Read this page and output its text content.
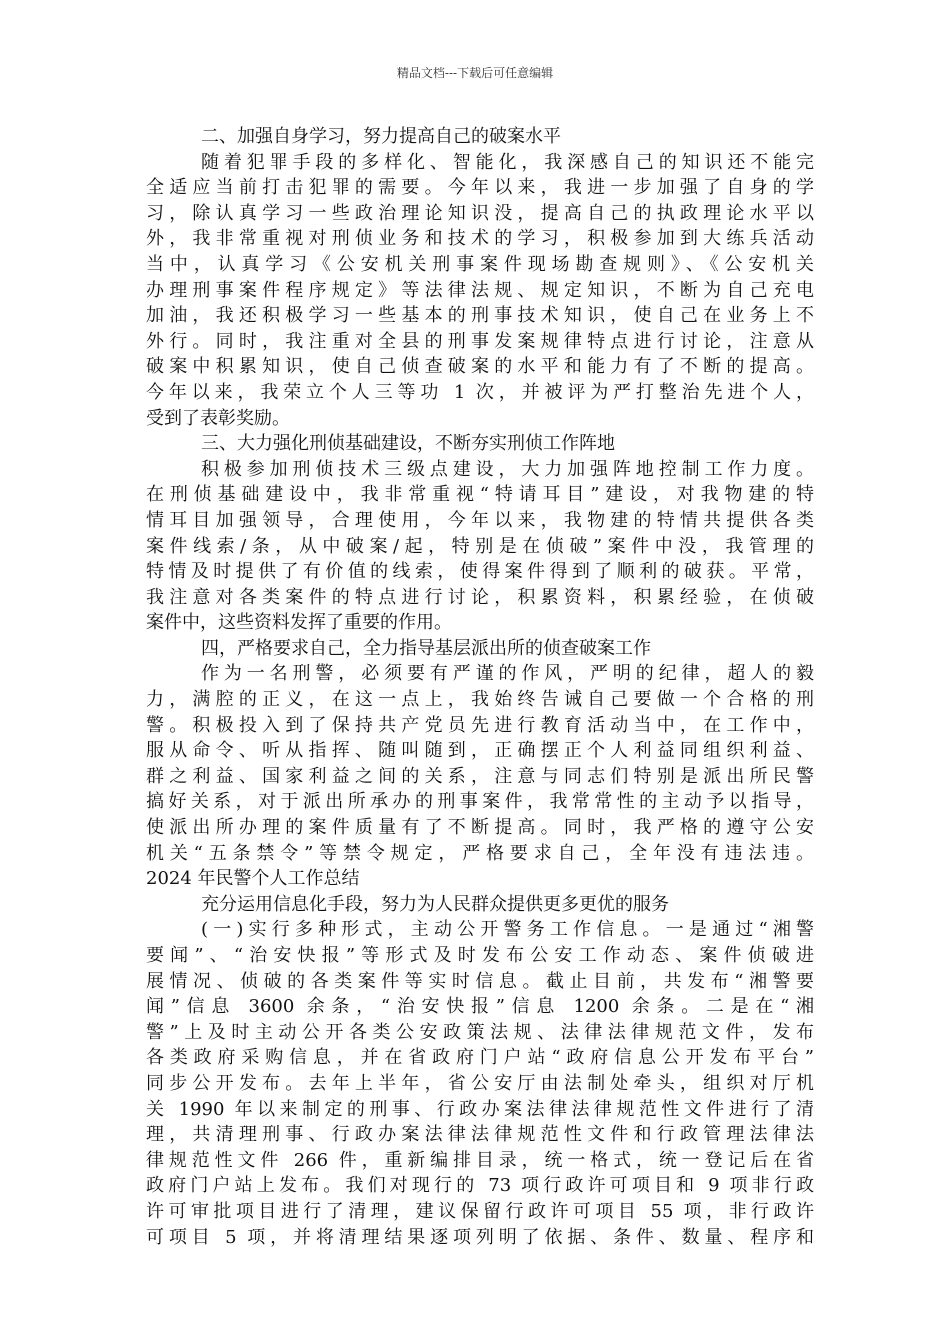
精品文档---下载后可任意编辑
二、加强自身学习，努力提高自己的破案水平
随着犯罪手段的多样化、智能化，我深感自己的知识还不能完
全适应当前打击犯罪的需要。今年以来，我进一步加强了自身的学
习，除认真学习一些政治理论知识没，提高自己的执政理论水平以
外，我非常重视对刑侦业务和技术的学习，积极参加到大练兵活动
当中，认真学习《公安机关刑事案件现场勘查规则》、《公安机关
办理刑事案件程序规定》等法律法规、规定知识，不断为自己充电
加油，我还积极学习一些基本的刑事技术知识，使自己在业务上不
外行。同时，我注重对全县的刑事发案规律特点进行讨论，注意从
破案中积累知识，使自己侦查破案的水平和能力有了不断的提高。
今年以来，我荣立个人三等功 1 次，并被评为严打整治先进个人，
受到了表彰奖励。
三、大力强化刑侦基础建设，不断夯实刑侦工作阵地
积极参加刑侦技术三级点建设，大力加强阵地控制工作力度。
在刑侦基础建设中，我非常重视“特请耳目”建设，对我物建的特
情耳目加强领导，合理使用，今年以来，我物建的特情共提供各类
案件线索/条，从中破案/起，特别是在侦破”案件中没，我管理的
特情及时提供了有价值的线索，使得案件得到了顺利的破获。平常，
我注意对各类案件的特点进行讨论，积累资料，积累经验，在侦破
案件中，这些资料发挥了重要的作用。
四，严格要求自己，全力指导基层派出所的侦查破案工作
作为一名刑警，必须要有严谨的作风，严明的纪律，超人的毅
力，满腔的正义，在这一点上，我始终告诫自己要做一个合格的刑
警。积极投入到了保持共产党员先进行教育活动当中，在工作中，
服从命令、听从指挥、随叫随到，正确摆正个人利益同组织利益、
群之利益、国家利益之间的关系，注意与同志们特别是派出所民警
搞好关系，对于派出所承办的刑事案件，我常常性的主动予以指导，
使派出所办理的案件质量有了不断提高。同时，我严格的遵守公安
机关“五条禁令”等禁令规定，严格要求自己，全年没有违法违。
2024 年民警个人工作总结
充分运用信息化手段，努力为人民群众提供更多更优的服务
(一)实行多种形式，主动公开警务工作信息。一是通过“湘警
要闻”、“治安快报”等形式及时发布公安工作动态、案件侦破进
展情况、侦破的各类案件等实时信息。截止目前，共发布“湘警要
闻”信息 3600 余条，“治安快报”信息 1200 余条。二是在“湘
警”上及时主动公开各类公安政策法规、法律法律规范文件，发布
各类政府采购信息，并在省政府门户站“政府信息公开发布平台”
同步公开发布。去年上半年，省公安厅由法制处牵头，组织对厅机
关 1990 年以来制定的刑事、行政办案法律法律规范性文件进行了清
理，共清理刑事、行政办案法律法律规范性文件和行政管理法律法
律规范性文件 266 件，重新编排目录，统一格式，统一登记后在省
政府门户站上发布。我们对现行的 73 项行政许可项目和 9 项非行政
许可审批项目进行了清理，建议保留行政许可项目 55 项，非行政许
可项目 5 项，并将清理结果逐项列明了依据、条件、数量、程序和
